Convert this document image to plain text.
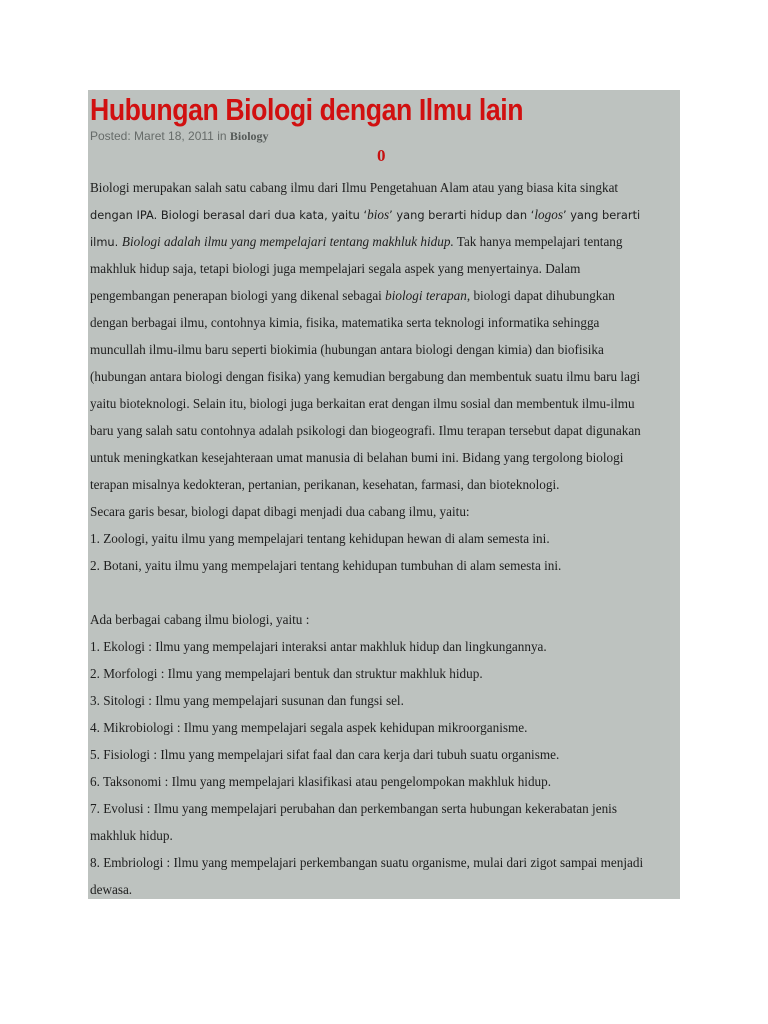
Hubungan Biologi dengan Ilmu lain
Posted: Maret 18, 2011 in Biology
0
Biologi merupakan salah satu cabang ilmu dari Ilmu Pengetahuan Alam atau yang biasa kita singkat
dengan IPA. Biologi berasal dari dua kata, yaitu ‘bios’ yang berarti hidup dan ‘logos’ yang berarti
ilmu. Biologi adalah ilmu yang mempelajari tentang makhluk hidup. Tak hanya mempelajari tentang
makhluk hidup saja, tetapi biologi juga mempelajari segala aspek yang menyertainya. Dalam
pengembangan penerapan biologi yang dikenal sebagai biologi terapan, biologi dapat dihubungkan
dengan berbagai ilmu, contohnya kimia, fisika, matematika serta teknologi informatika sehingga
muncullah ilmu-ilmu baru seperti biokimia (hubungan antara biologi dengan kimia) dan biofisika
(hubungan antara biologi dengan fisika) yang kemudian bergabung dan membentuk suatu ilmu baru lagi
yaitu bioteknologi. Selain itu, biologi juga berkaitan erat dengan ilmu sosial dan membentuk ilmu-ilmu
baru yang salah satu contohnya adalah psikologi dan biogeografi. Ilmu terapan tersebut dapat digunakan
untuk meningkatkan kesejahteraan umat manusia di belahan bumi ini. Bidang yang tergolong biologi
terapan misalnya kedokteran, pertanian, perikanan, kesehatan, farmasi, dan bioteknologi.
Secara garis besar, biologi dapat dibagi menjadi dua cabang ilmu, yaitu:
1. Zoologi, yaitu ilmu yang mempelajari tentang kehidupan hewan di alam semesta ini.
2. Botani, yaitu ilmu yang mempelajari tentang kehidupan tumbuhan di alam semesta ini.
Ada berbagai cabang ilmu biologi, yaitu :
1. Ekologi : Ilmu yang mempelajari interaksi antar makhluk hidup dan lingkungannya.
2. Morfologi : Ilmu yang mempelajari bentuk dan struktur makhluk hidup.
3. Sitologi : Ilmu yang mempelajari susunan dan fungsi sel.
4. Mikrobiologi : Ilmu yang mempelajari segala aspek kehidupan mikroorganisme.
5. Fisiologi : Ilmu yang mempelajari sifat faal dan cara kerja dari tubuh suatu organisme.
6. Taksonomi : Ilmu yang mempelajari klasifikasi atau pengelompokan makhluk hidup.
7. Evolusi : Ilmu yang mempelajari perubahan dan perkembangan serta hubungan kekerabatan jenis
makhluk hidup.
8. Embriologi : Ilmu yang mempelajari perkembangan suatu organisme, mulai dari zigot sampai menjadi
dewasa.
